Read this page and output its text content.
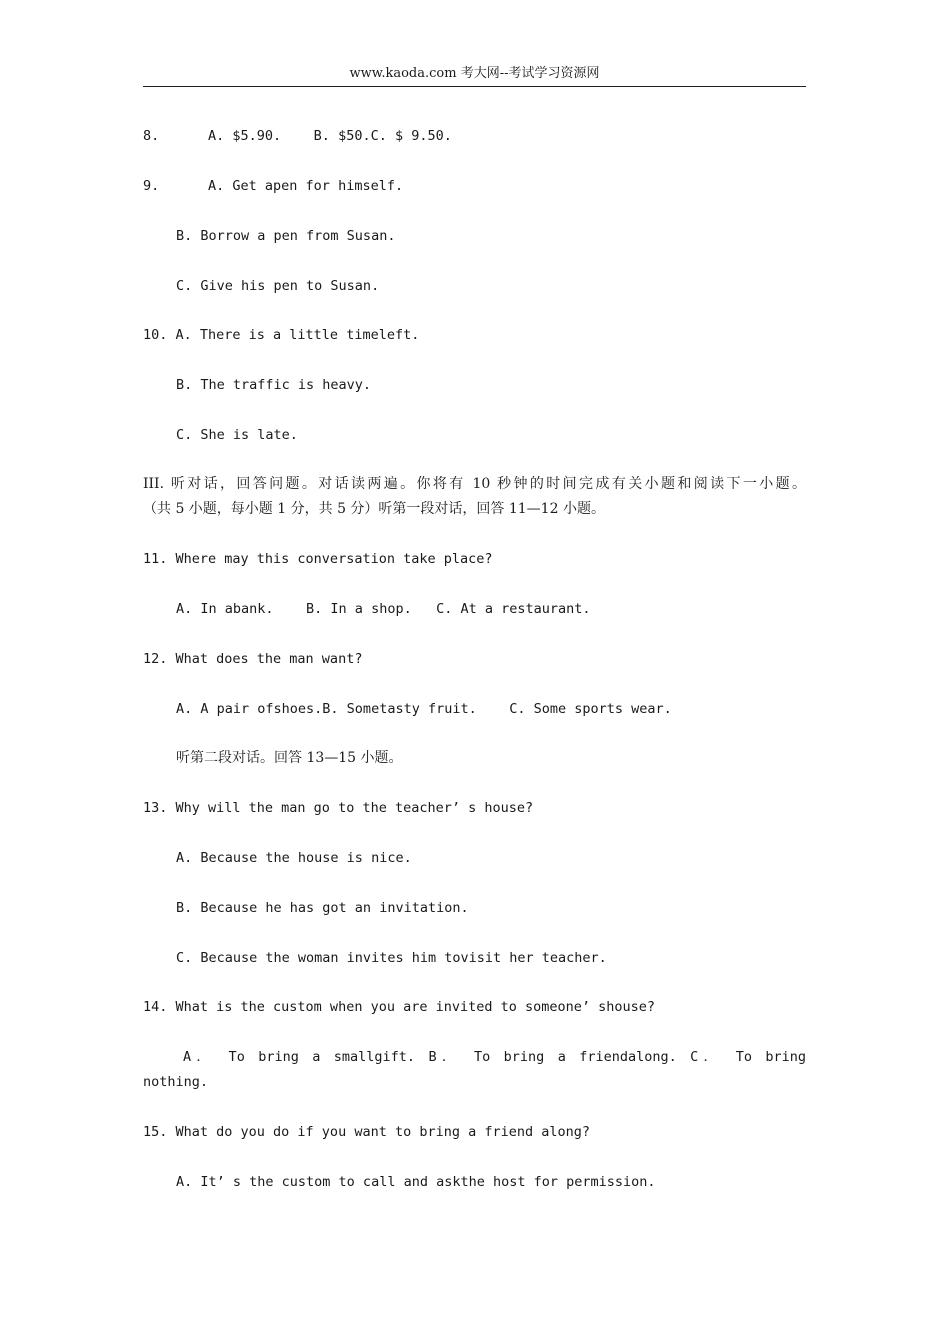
www.kaoda.com 考大网--考试学习资源网
8.      A. $5.90.    B. $50.C. $ 9.50.
9.      A. Get apen for himself.
B. Borrow a pen from Susan.
C. Give his pen to Susan.
10. A. There is a little timeleft.
B. The traffic is heavy.
C. She is late.
III. 听对话，回答问题。对话读两遍。你将有 10 秒钟的时间完成有关小题和阅读下一小题。
（共 5 小题，每小题 1 分，共 5 分）听第一段对话，回答 11—12 小题。
11. Where may this conversation take place?
A. In abank.    B. In a shop.   C. At a restaurant.
12. What does the man want?
A. A pair ofshoes.B. Sometasty fruit.    C. Some sports wear.
听第二段对话。回答 13—15 小题。
13. Why will the man go to the teacher’ s house?
A. Because the house is nice.
B. Because he has got an invitation.
C. Because the woman invites him tovisit her teacher.
14. What is the custom when you are invited to someone’ shouse?
A． To bring a smallgift. B． To bring a friendalong. C． To bring
nothing.
15. What do you do if you want to bring a friend along?
A. It’ s the custom to call and askthe host for permission.
